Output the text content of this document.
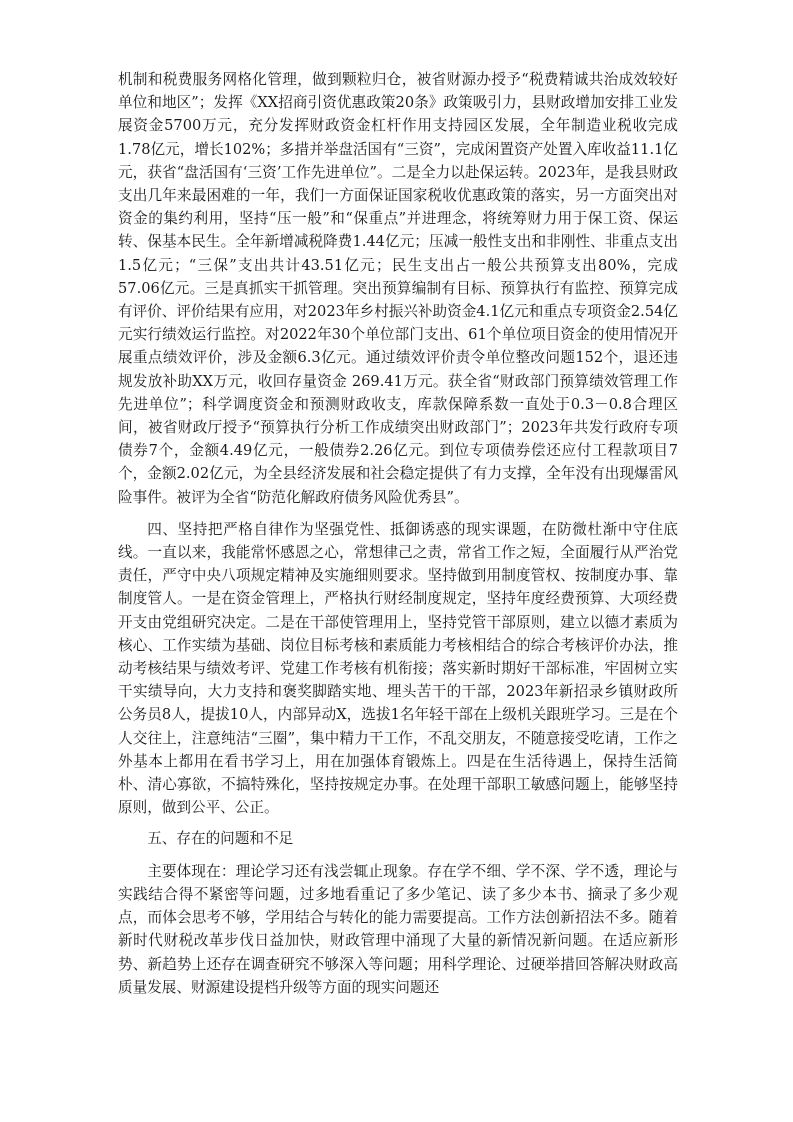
机制和税费服务网格化管理，做到颗粒归仓，被省财源办授予“税费精诚共治成效较好单位和地区”；发挥《XX招商引资优惠政策20条》政策吸引力，县财政增加安排工业发展资金5700万元，充分发挥财政资金杠杆作用支持园区发展，全年制造业税收完成1.78亿元，增长102%；多措并举盘活国有“三资”，完成闲置资产处置入库收益11.1亿元，获省“盘活国有‘三资’工作先进单位”。二是全力以赴保运转。2023年，是我县财政支出几年来最困难的一年，我们一方面保证国家税收优惠政策的落实，另一方面突出对资金的集约利用，坚持“压一般”和“保重点”并进理念，将统筹财力用于保工资、保运转、保基本民生。全年新增减税降费1.44亿元；压减一般性支出和非刚性、非重点支出1.5亿元；“三保”支出共计43.51亿元；民生支出占一般公共预算支出80%，完成57.06亿元。三是真抓实干抓管理。突出预算编制有目标、预算执行有监控、预算完成有评价、评价结果有应用，对2023年乡村振兴补助资金4.1亿元和重点专项资金2.54亿元实行绩效运行监控。对2022年30个单位部门支出、61个单位项目资金的使用情况开展重点绩效评价，涉及金额6.3亿元。通过绩效评价责令单位整改问题152个，退还违规发放补助XX万元，收回存量资金 269.41万元。获全省“财政部门预算绩效管理工作先进单位”；科学调度资金和预测财政收支，库款保障系数一直处于0.3－0.8合理区间，被省财政厅授予“预算执行分析工作成绩突出财政部门”；2023年共发行政府专项债券7个，金额4.49亿元，一般债券2.26亿元。到位专项债券偿还应付工程款项目7个，金额2.02亿元，为全县经济发展和社会稳定提供了有力支撑，全年没有出现爆雷风险事件。被评为全省“防范化解政府债务风险优秀县”。

四、坚持把严格自律作为坚强党性、抵御诱惑的现实课题，在防微杜渐中守住底线。一直以来，我能常怀感恩之心，常想律己之责，常省工作之短，全面履行从严治党责任，严守中央八项规定精神及实施细则要求。坚持做到用制度管权、按制度办事、靠制度管人。一是在资金管理上，严格执行财经制度规定，坚持年度经费预算、大项经费开支由党组研究决定。二是在干部使管理用上，坚持党管干部原则，建立以德才素质为核心、工作实绩为基础、岗位目标考核和素质能力考核相结合的综合考核评价办法，推动考核结果与绩效考评、党建工作考核有机衔接；落实新时期好干部标准，牢固树立实干实绩导向，大力支持和褒奖脚踏实地、埋头苦干的干部，2023年新招录乡镇财政所公务员8人，提拔10人，内部异动X，选拔1名年轻干部在上级机关跟班学习。三是在个人交往上，注意纯洁“三圈”，集中精力干工作，不乱交朋友，不随意接受吃请，工作之外基本上都用在看书学习上，用在加强体育锻炼上。四是在生活待遇上，保持生活简朴、清心寡欲，不搞特殊化，坚持按规定办事。在处理干部职工敏感问题上，能够坚持原则，做到公平、公正。

五、存在的问题和不足

主要体现在：理论学习还有浅尝辄止现象。存在学不细、学不深、学不透，理论与实践结合得不紧密等问题，过多地看重记了多少笔记、读了多少本书、摘录了多少观点，而体会思考不够，学用结合与转化的能力需要提高。工作方法创新招法不多。随着新时代财税改革步伐日益加快，财政管理中涌现了大量的新情况新问题。在适应新形势、新趋势上还存在调查研究不够深入等问题；用科学理论、过硬举措回答解决财政高质量发展、财源建设提档升级等方面的现实问题还
